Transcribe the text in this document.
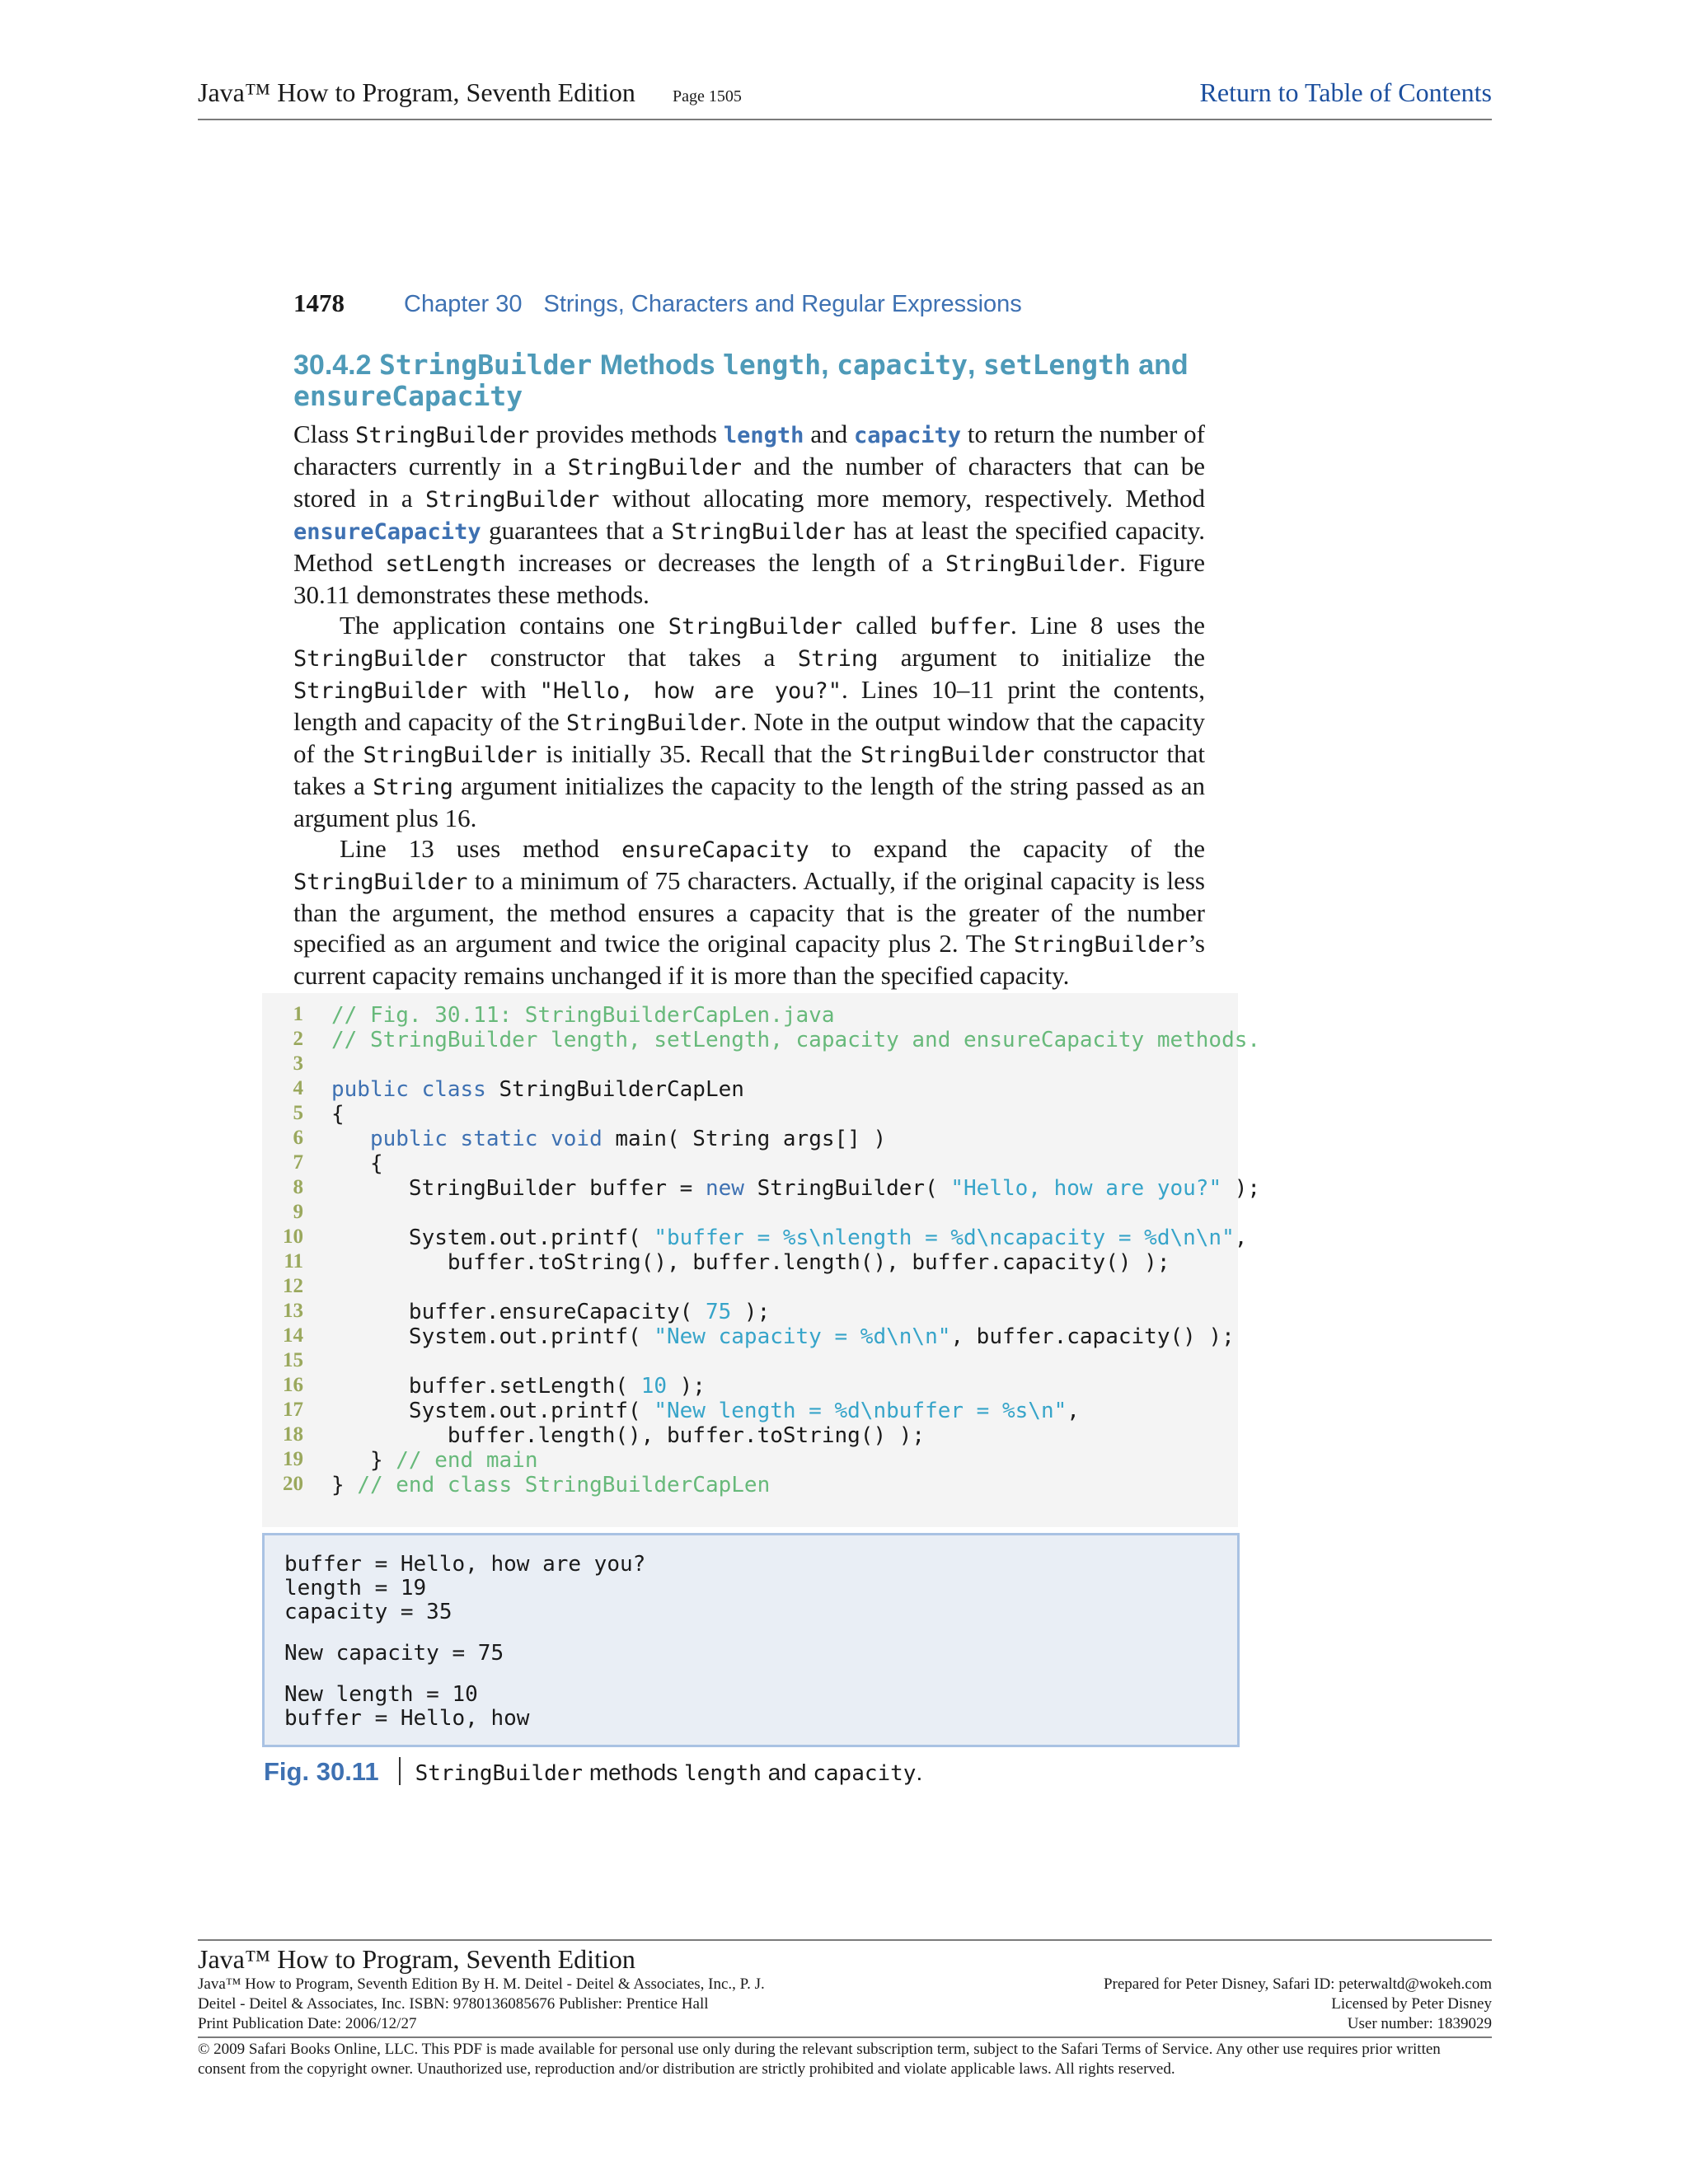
Java™ How to Program, Seventh Edition Page 1505	Return to Table of Contents
1478 Chapter 30 Strings, Characters and Regular Expressions
30.4.2 StringBuilder Methods length, capacity, setLength and
ensureCapacity

Class StringBuilder provides methods length and capacity to return the number of characters currently in a StringBuilder and the number of characters that can be stored in a StringBuilder without allocating more memory, respectively. Method ensureCapacity guarantees that a StringBuilder has at least the specified capacity. Method setLength increases or decreases the length of a StringBuilder. Figure 30.11 demonstrates these methods.

The application contains one StringBuilder called buffer. Line 8 uses the StringBuilder constructor that takes a String argument to initialize the StringBuilder with "Hello, how are you?". Lines 10–11 print the contents, length and capacity of the StringBuilder. Note in the output window that the capacity of the StringBuilder is initially 35. Recall that the StringBuilder constructor that takes a String argument initializes the capacity to the length of the string passed as an argument plus 16.

Line 13 uses method ensureCapacity to expand the capacity of the StringBuilder to a minimum of 75 characters. Actually, if the original capacity is less than the argument, the method ensures a capacity that is the greater of the number specified as an argument and twice the original capacity plus 2. The StringBuilder’s current capacity remains unchanged if it is more than the specified capacity.

1 // Fig. 30.11: StringBuilderCapLen.java
2 // StringBuilder length, setLength, capacity and ensureCapacity methods.
3
4 public class StringBuilderCapLen
5 {
6	public static void main( String args[] )
7 {
8 StringBuilder buffer = new StringBuilder( "Hello, how are you?" );
9
10 System.out.printf( "buffer = %s\nlength = %d\ncapacity = %d\n\n",
11 buffer.toString(), buffer.length(), buffer.capacity() );
12
13 buffer.ensureCapacity( 75 );
14 System.out.printf( "New capacity = %d\n\n", buffer.capacity() );
15
16 buffer.setLength( 10 );
17 System.out.printf( "New length = %d\nbuffer = %s\n",
18 buffer.length(), buffer.toString() );
19 } // end main
20 } // end class StringBuilderCapLen
buffer = Hello, how are you?
length = 19
capacity = 35
New capacity = 75
New length = 10
buffer = Hello, how
Fig. 30.11 StringBuilder methods length and capacity.
Java™ How to Program, Seventh Edition
Java™ How to Program, Seventh Edition By H. M. Deitel - Deitel & Associates, Inc., P. J.	Prepared for Peter Disney, Safari ID: peterwaltd@wokeh.com
Deitel - Deitel & Associates, Inc. ISBN: 9780136085676 Publisher: Prentice Hall	Licensed by Peter Disney
Print Publication Date: 2006/12/27	User number: 1839029
© 2009 Safari Books Online, LLC. This PDF is made available for personal use only during the relevant subscription term, subject to the Safari Terms of Service. Any other use requires prior written consent from the copyright owner. Unauthorized use, reproduction and/or distribution are strictly prohibited and violate applicable laws. All rights reserved.
